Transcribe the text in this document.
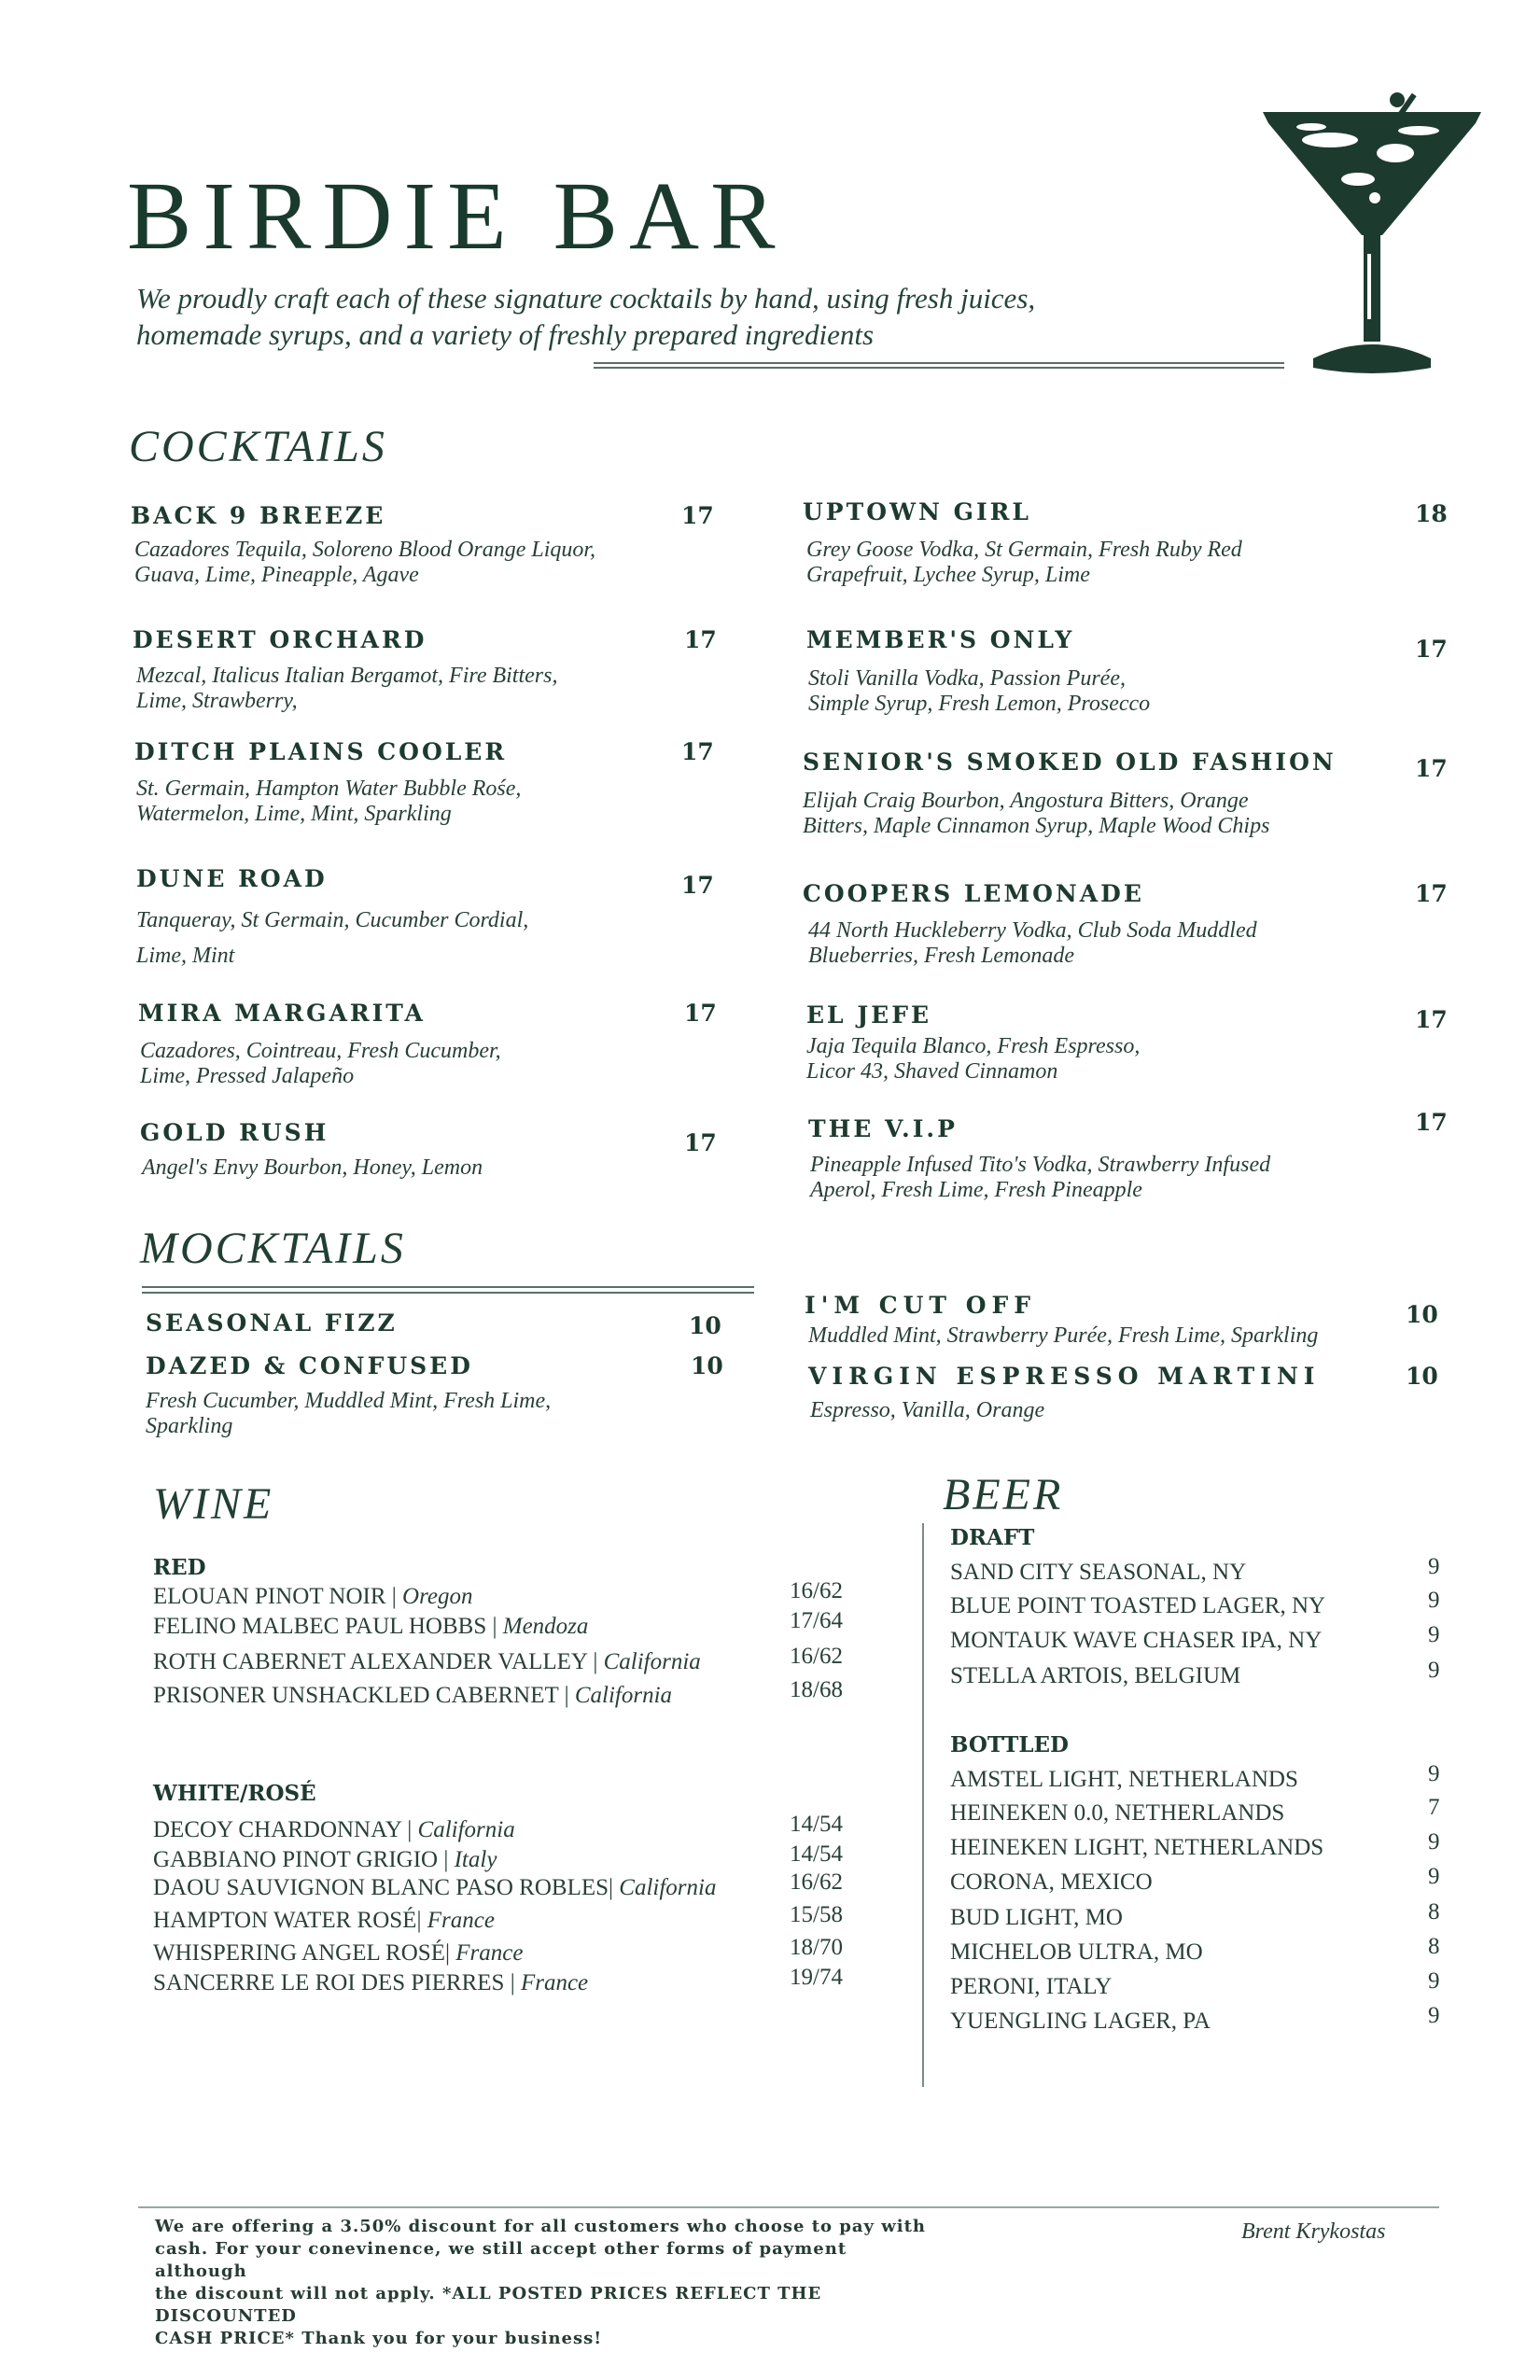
BIRDIE BAR
We proudly craft each of these signature cocktails by hand, using fresh juices,
homemade syrups, and a variety of freshly prepared ingredients
COCKTAILS
BACK 9 BREEZE	17
Cazadores Tequila, Soloreno Blood Orange Liquor,
Guava, Lime, Pineapple, Agave
DESERT ORCHARD	17
Mezcal, Italicus Italian Bergamot, Fire Bitters,
Lime, Strawberry,
DITCH PLAINS COOLER	17
St. Germain, Hampton Water Bubble Rośe,
Watermelon, Lime, Mint, Sparkling
DUNE ROAD	17
Tanqueray, St Germain, Cucumber Cordial,
Lime, Mint
MIRA MARGARITA	17
Cazadores, Cointreau, Fresh Cucumber,
Lime, Pressed Jalapeño
GOLD RUSH	17
Angel's Envy Bourbon, Honey, Lemon
UPTOWN GIRL	18
Grey Goose Vodka, St Germain, Fresh Ruby Red
Grapefruit, Lychee Syrup, Lime
MEMBER'S ONLY	17
Stoli Vanilla Vodka, Passion Purée,
Simple Syrup, Fresh Lemon, Prosecco
SENIOR'S SMOKED OLD FASHION	17
Elijah Craig Bourbon, Angostura Bitters, Orange
Bitters, Maple Cinnamon Syrup, Maple Wood Chips
COOPERS LEMONADE	17
44 North Huckleberry Vodka, Club Soda Muddled
Blueberries, Fresh Lemonade
EL JEFE	17
Jaja Tequila Blanco, Fresh Espresso,
Licor 43, Shaved Cinnamon
THE V.I.P	17
Pineapple Infused Tito's Vodka, Strawberry Infused
Aperol, Fresh Lime, Fresh Pineapple
MOCKTAILS
SEASONAL FIZZ	10
DAZED & CONFUSED	10
Fresh Cucumber, Muddled Mint, Fresh Lime,
Sparkling
I'M CUT OFF	10
Muddled Mint, Strawberry Purée, Fresh Lime, Sparkling
VIRGIN ESPRESSO MARTINI	10
Espresso, Vanilla, Orange
WINE
RED
ELOUAN PINOT NOIR | Oregon	16/62
FELINO MALBEC PAUL HOBBS | Mendoza	17/64
ROTH CABERNET ALEXANDER VALLEY | California	16/62
PRISONER UNSHACKLED CABERNET | California	18/68
WHITE/ROSÉ
DECOY CHARDONNAY | California	14/54
GABBIANO PINOT GRIGIO | Italy	14/54
DAOU SAUVIGNON BLANC PASO ROBLES| California	16/62
HAMPTON WATER ROSÉ| France	15/58
WHISPERING ANGEL ROSÉ| France	18/70
SANCERRE LE ROI DES PIERRES | France	19/74
BEER
DRAFT
SAND CITY SEASONAL, NY	9
BLUE POINT TOASTED LAGER, NY	9
MONTAUK WAVE CHASER IPA, NY	9
STELLA ARTOIS, BELGIUM	9
BOTTLED
AMSTEL LIGHT, NETHERLANDS	9
HEINEKEN 0.0, NETHERLANDS	7
HEINEKEN LIGHT, NETHERLANDS	9
CORONA, MEXICO	9
BUD LIGHT, MO	8
MICHELOB ULTRA, MO	8
PERONI, ITALY	9
YUENGLING LAGER, PA	9
We are offering a 3.50% discount for all customers who choose to pay with
cash. For your conevinence, we still accept other forms of payment although
the discount will not apply. *ALL POSTED PRICES REFLECT THE DISCOUNTED
CASH PRICE* Thank you for your business!
Brent Krykostas
